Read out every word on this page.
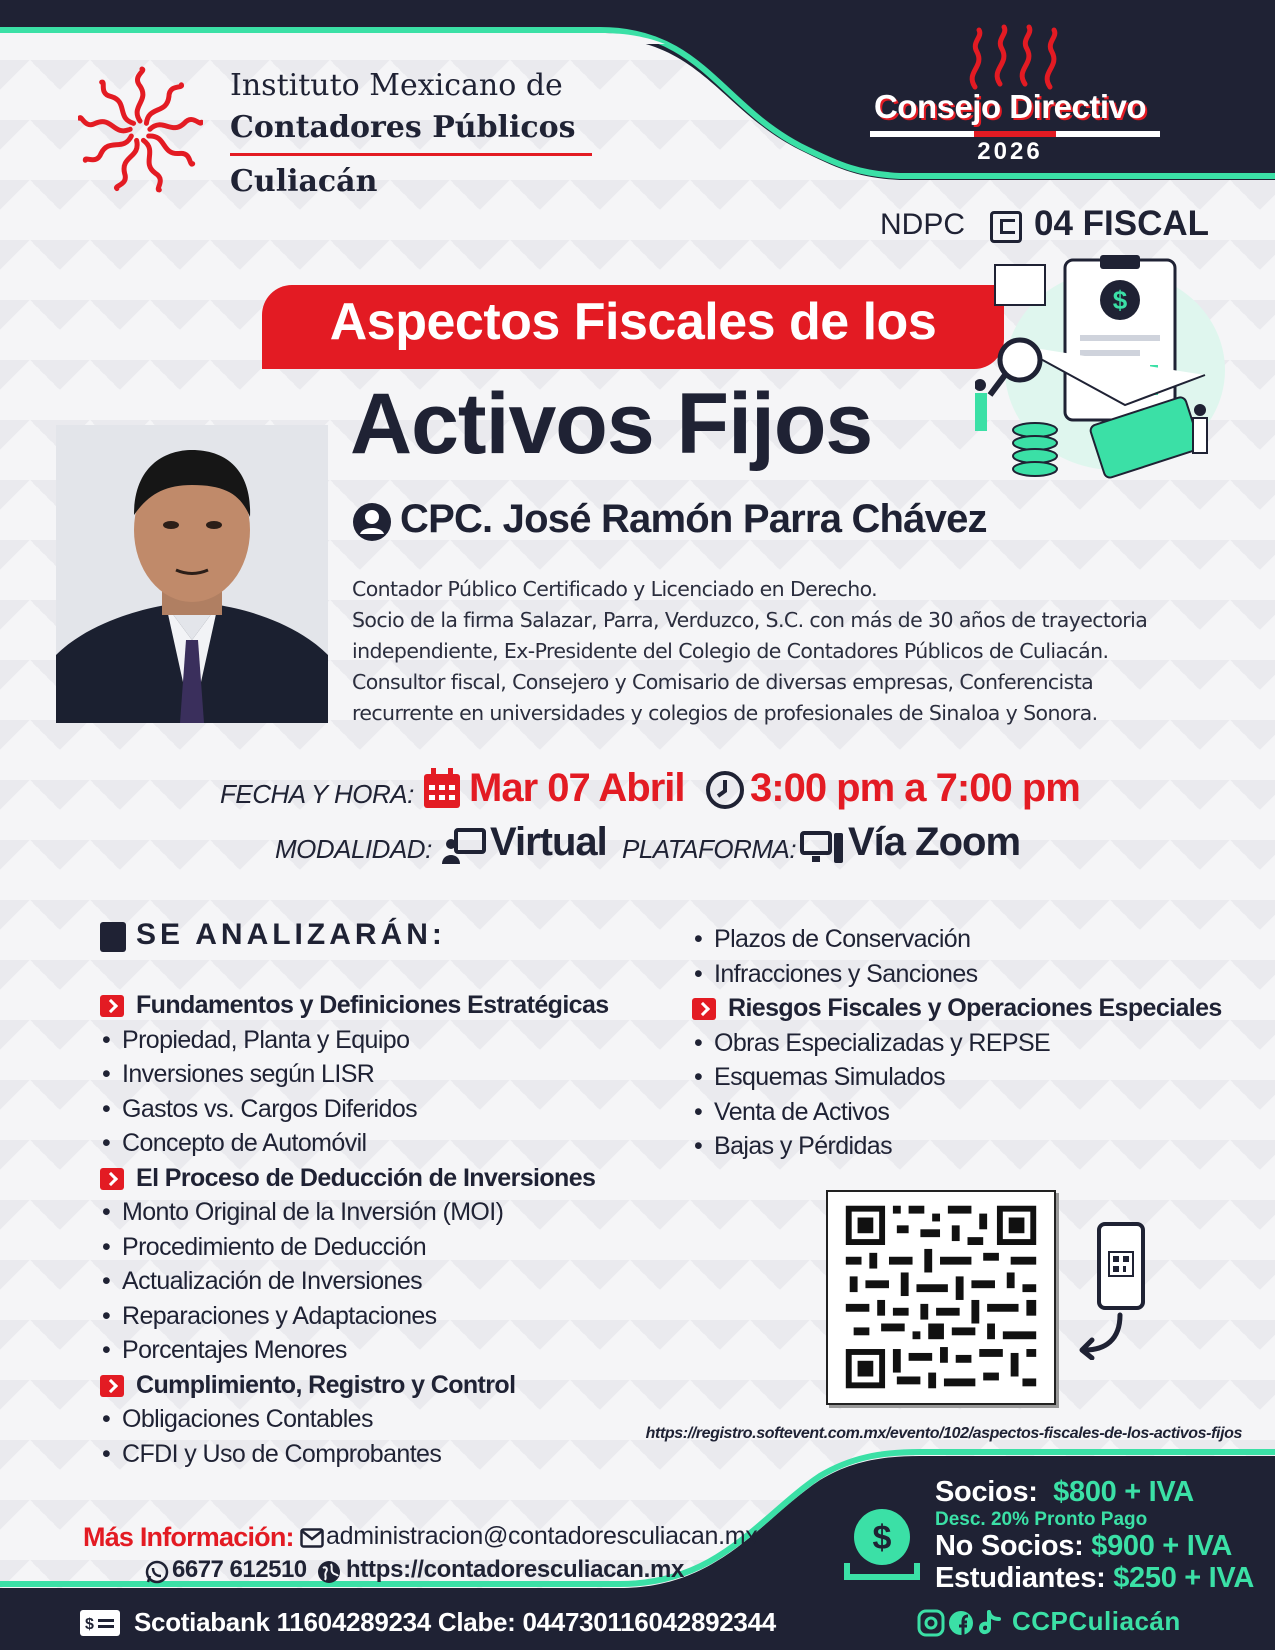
Instituto Mexicano de
Contadores Públicos
Culiacán
Consejo Directivo
2026
NDPC 04 FISCAL
Aspectos Fiscales de los
Activos Fijos
$
CPC. José Ramón Parra Chávez
Contador Público Certificado y Licenciado en Derecho.
Socio de la firma Salazar, Parra, Verduzco, S.C. con más de 30 años de trayectoria
independiente, Ex-Presidente del Colegio de Contadores Públicos de Culiacán.
Consultor fiscal, Consejero y Comisario de diversas empresas, Conferencista
recurrente en universidades y colegios de profesionales de Sinaloa y Sonora.
FECHA Y HORA: Mar 07 Abril 3:00 pm a 7:00 pm
MODALIDAD: Virtual PLATAFORMA: Vía Zoom
SE ANALIZARÁN:
Fundamentos y Definiciones Estratégicas
• Propiedad, Planta y Equipo
• Inversiones según LISR
• Gastos vs. Cargos Diferidos
• Concepto de Automóvil
El Proceso de Deducción de Inversiones
• Monto Original de la Inversión (MOI)
• Procedimiento de Deducción
• Actualización de Inversiones
• Reparaciones y Adaptaciones
• Porcentajes Menores
Cumplimiento, Registro y Control
• Obligaciones Contables
• CFDI y Uso de Comprobantes
• Plazos de Conservación
• Infracciones y Sanciones
Riesgos Fiscales y Operaciones Especiales
• Obras Especializadas y REPSE
• Esquemas Simulados
• Venta de Activos
• Bajas y Pérdidas
https://registro.softevent.com.mx/evento/102/aspectos-fiscales-de-los-activos-fijos
Más Información: administracion@contadoresculiacan.mx
6677 612510 https://contadoresculiacan.mx
$
Socios: $800 + IVA
Desc. 20% Pronto Pago
No Socios: $900 + IVA
Estudiantes: $250 + IVA
$ Scotiabank 11604289234 Clabe: 044730116042892344	CCPCuliacán
